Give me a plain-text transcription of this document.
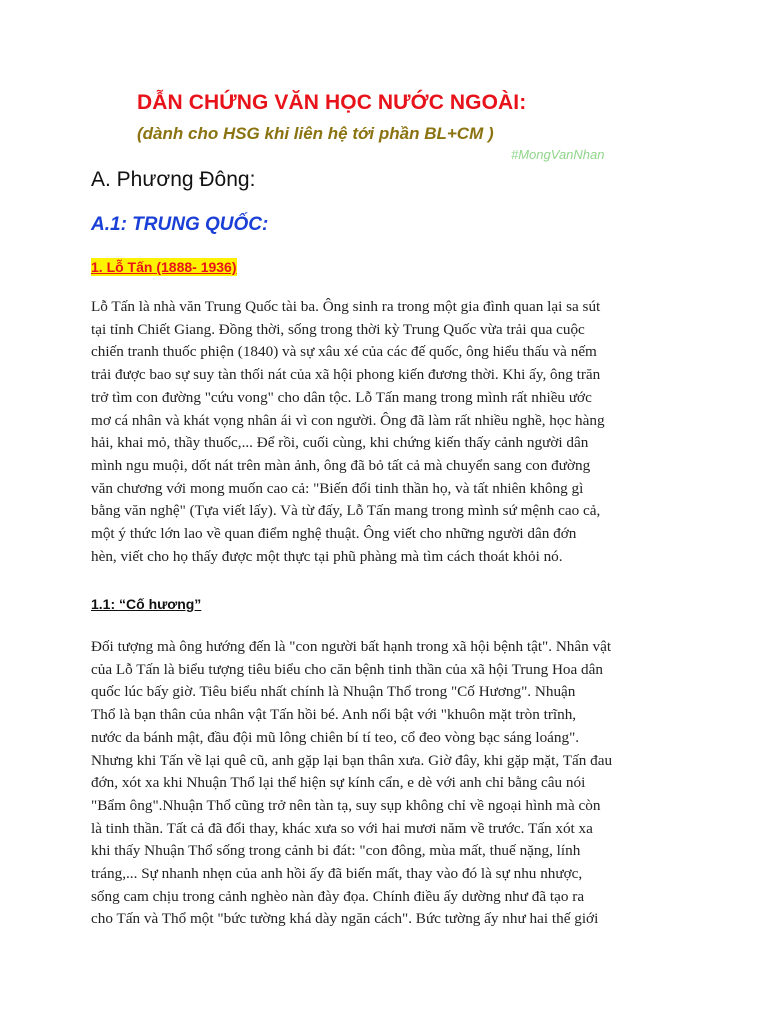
DẪN CHỨNG VĂN HỌC NƯỚC NGOÀI:
(dành cho HSG khi liên hệ tới phần BL+CM )
#MongVanNhan
A. Phương Đông:
A.1: TRUNG QUỐC:
1. Lỗ Tấn (1888- 1936)
Lỗ Tấn là nhà văn Trung Quốc tài ba. Ông sinh ra trong một gia đình quan lại sa sút
tại tỉnh Chiết Giang. Đồng thời, sống trong thời kỳ Trung Quốc vừa trải qua cuộc
chiến tranh thuốc phiện (1840) và sự xâu xé của các đế quốc, ông hiểu thấu và nếm
trải được bao sự suy tàn thối nát của xã hội phong kiến đương thời. Khi ấy, ông trăn
trở tìm con đường "cứu vong" cho dân tộc. Lỗ Tấn mang trong mình rất nhiều ước
mơ cá nhân và khát vọng nhân ái vì con người. Ông đã làm rất nhiều nghề, học hàng
hải, khai mỏ, thầy thuốc,... Để rồi, cuối cùng, khi chứng kiến thấy cảnh người dân
mình ngu muội, dốt nát trên màn ảnh, ông đã bỏ tất cả mà chuyển sang con đường
văn chương với mong muốn cao cả: "Biến đổi tinh thần họ, và tất nhiên không gì
bằng văn nghệ" (Tựa viết lấy). Và từ đấy, Lỗ Tấn mang trong mình sứ mệnh cao cả,
một ý thức lớn lao về quan điểm nghệ thuật. Ông viết cho những người dân đớn
hèn, viết cho họ thấy được một thực tại phũ phàng mà tìm cách thoát khỏi nó.
1.1: “Cố hương”
Đối tượng mà ông hướng đến là "con người bất hạnh trong xã hội bệnh tật". Nhân vật
của Lỗ Tấn là biểu tượng tiêu biểu cho căn bệnh tinh thần của xã hội Trung Hoa dân
quốc lúc bấy giờ. Tiêu biểu nhất chính là Nhuận Thổ trong "Cố Hương". Nhuận
Thổ là bạn thân của nhân vật Tấn hồi bé. Anh nổi bật với "khuôn mặt tròn trĩnh,
nước da bánh mật, đầu đội mũ lông chiên bí tí teo, cổ đeo vòng bạc sáng loáng".
Nhưng khi Tấn về lại quê cũ, anh gặp lại bạn thân xưa. Giờ đây, khi gặp mặt, Tấn đau
đớn, xót xa khi Nhuận Thổ lại thể hiện sự kính cẩn, e dè với anh chỉ bằng câu nói
"Bẩm ông".Nhuận Thổ cũng trở nên tàn tạ, suy sụp không chỉ về ngoại hình mà còn
là tinh thần. Tất cả đã đổi thay, khác xưa so với hai mươi năm về trước. Tấn xót xa
khi thấy Nhuận Thổ sống trong cảnh bi đát: "con đông, mùa mất, thuế nặng, lính
tráng,... Sự nhanh nhẹn của anh hồi ấy đã biến mất, thay vào đó là sự nhu nhược,
sống cam chịu trong cảnh nghèo nàn đày đọa. Chính điều ấy dường như đã tạo ra
cho Tấn và Thổ một "bức tường khá dày ngăn cách". Bức tường ấy như hai thế giới
